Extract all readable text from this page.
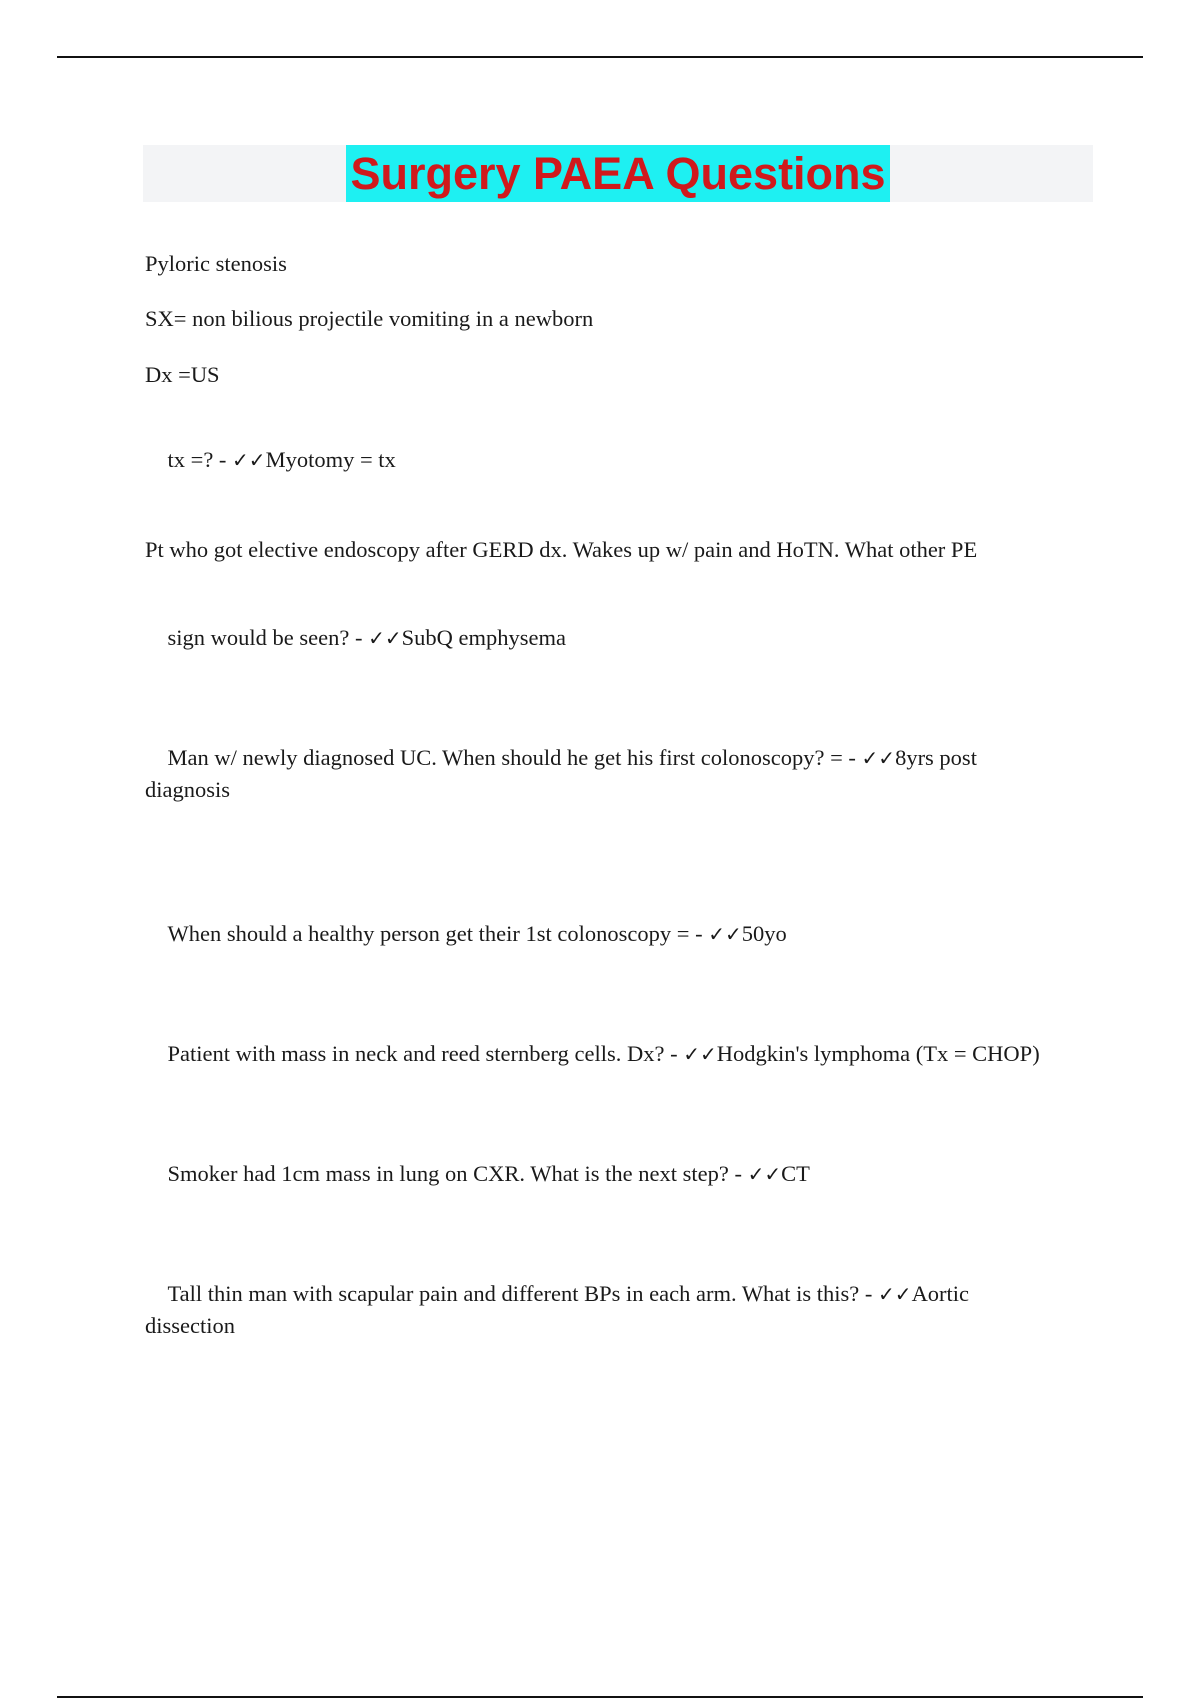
Surgery PAEA Questions
Pyloric stenosis
SX= non bilious projectile vomiting in a newborn
Dx =US

tx =? - ✓✓Myotomy = tx

Pt who got elective endoscopy after GERD dx. Wakes up w/ pain and HoTN. What other PE

sign would be seen? - ✓✓SubQ emphysema

Man w/ newly diagnosed UC. When should he get his first colonoscopy? = - ✓✓8yrs post

diagnosis

When should a healthy person get their 1st colonoscopy = - ✓✓50yo

Patient with mass in neck and reed sternberg cells. Dx? - ✓✓Hodgkin's lymphoma (Tx = CHOP)

Smoker had 1cm mass in lung on CXR. What is the next step? - ✓✓CT

Tall thin man with scapular pain and different BPs in each arm. What is this? - ✓✓Aortic

dissection
